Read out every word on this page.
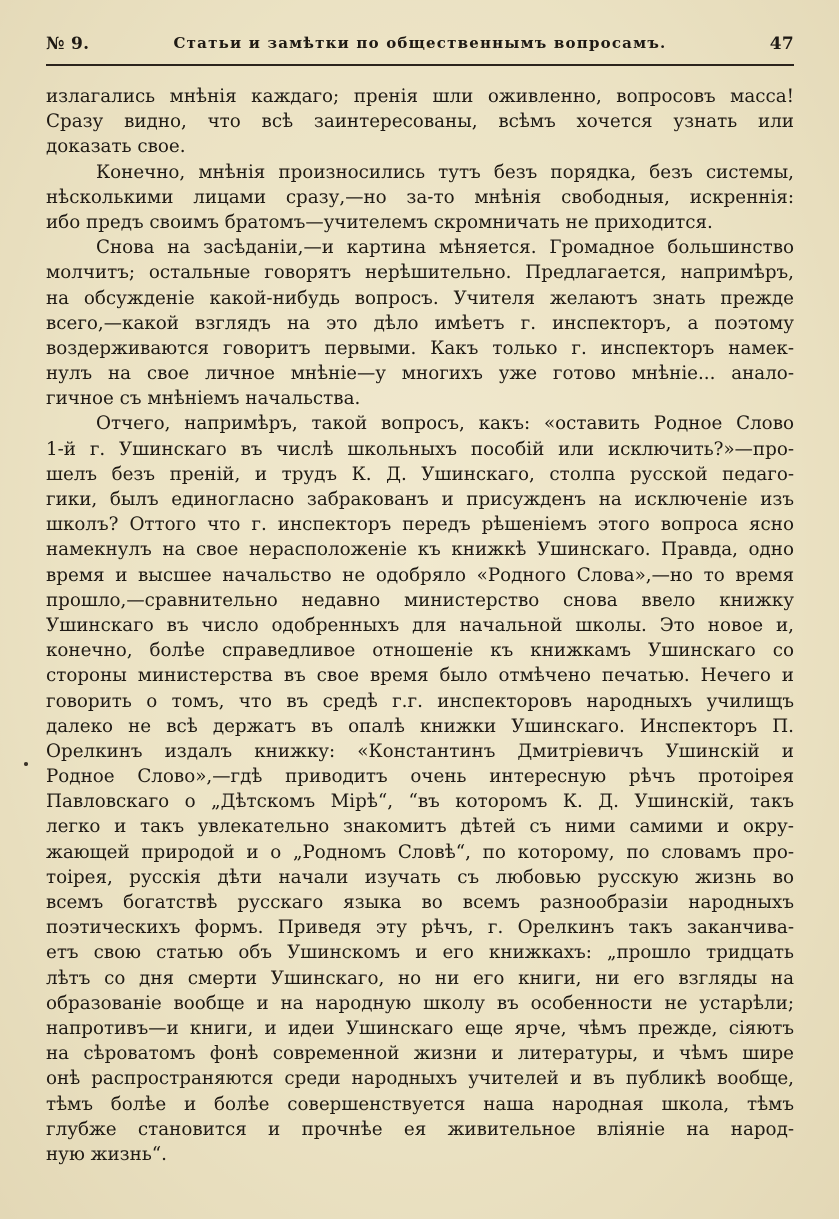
№ 9.	Статьи и замѣтки по общественнымъ вопросамъ.	47
излагались мнѣнія каждаго; пренія шли оживленно, вопросовъ масса!
Сразу видно, что всѣ заинтересованы, всѣмъ хочется узнать или
доказать свое.
Конечно, мнѣнія произносились тутъ безъ порядка, безъ системы,
нѣсколькими лицами сразу,—но за-то мнѣнія свободныя, искреннія:
ибо предъ своимъ братомъ—учителемъ скромничать не приходится.
Снова на засѣданіи,—и картина мѣняется. Громадное большинство
молчитъ; остальные говорятъ нерѣшительно. Предлагается, напримѣръ,
на обсужденіе какой-нибудь вопросъ. Учителя желаютъ знать прежде
всего,—какой взглядъ на это дѣло имѣетъ г. инспекторъ, а поэтому
воздерживаются говоритъ первыми. Какъ только г. инспекторъ намек-
нулъ на свое личное мнѣніе—у многихъ уже готово мнѣніе... анало-
гичное съ мнѣніемъ начальства.
Отчего, напримѣръ, такой вопросъ, какъ: «оставить Родное Слово
1-й г. Ушинскаго въ числѣ школьныхъ пособій или исключить?»—про-
шелъ безъ преній, и трудъ К. Д. Ушинскаго, столпа русской педаго-
гики, былъ единогласно забракованъ и присужденъ на исключеніе изъ
школъ? Оттого что г. инспекторъ передъ рѣшеніемъ этого вопроса ясно
намекнулъ на свое нерасположеніе къ книжкѣ Ушинскаго. Правда, одно
время и высшее начальство не одобряло «Родного Слова»,—но то время
прошло,—сравнительно недавно министерство снова ввело книжку
Ушинскаго въ число одобренныхъ для начальной школы. Это новое и,
конечно, болѣе справедливое отношеніе къ книжкамъ Ушинскаго со
стороны министерства въ свое время было отмѣчено печатью. Нечего и
говорить о томъ, что въ средѣ г.г. инспекторовъ народныхъ училищъ
далеко не всѣ держатъ въ опалѣ книжки Ушинскаго. Инспекторъ П.
Орелкинъ издалъ книжку: «Константинъ Дмитріевичъ Ушинскій и
Родное Слово»,—гдѣ приводитъ очень интересную рѣчъ протоірея
Павловскаго о „Дѣтскомъ Мірѣ“, “въ которомъ К. Д. Ушинскій, такъ
легко и такъ увлекательно знакомитъ дѣтей съ ними самими и окру-
жающей природой и о „Родномъ Словѣ“, по которому, по словамъ про-
тоірея, русскія дѣти начали изучать съ любовью русскую жизнь во
всемъ богатствѣ русскаго языка во всемъ разнообразіи народныхъ
поэтическихъ формъ. Приведя эту рѣчъ, г. Орелкинъ такъ заканчива-
етъ свою статью объ Ушинскомъ и его книжкахъ: „прошло тридцать
лѣтъ со дня смерти Ушинскаго, но ни его книги, ни его взгляды на
образованіе вообще и на народную школу въ особенности не устарѣли;
напротивъ—и книги, и идеи Ушинскаго еще ярче, чѣмъ прежде, сіяютъ
на сѣроватомъ фонѣ современной жизни и литературы, и чѣмъ шире
онѣ распространяются среди народныхъ учителей и въ публикѣ вообще,
тѣмъ болѣе и болѣе совершенствуется наша народная школа, тѣмъ
глубже становится и прочнѣе ея живительное вліяніе на народ-
ную жизнь“.
